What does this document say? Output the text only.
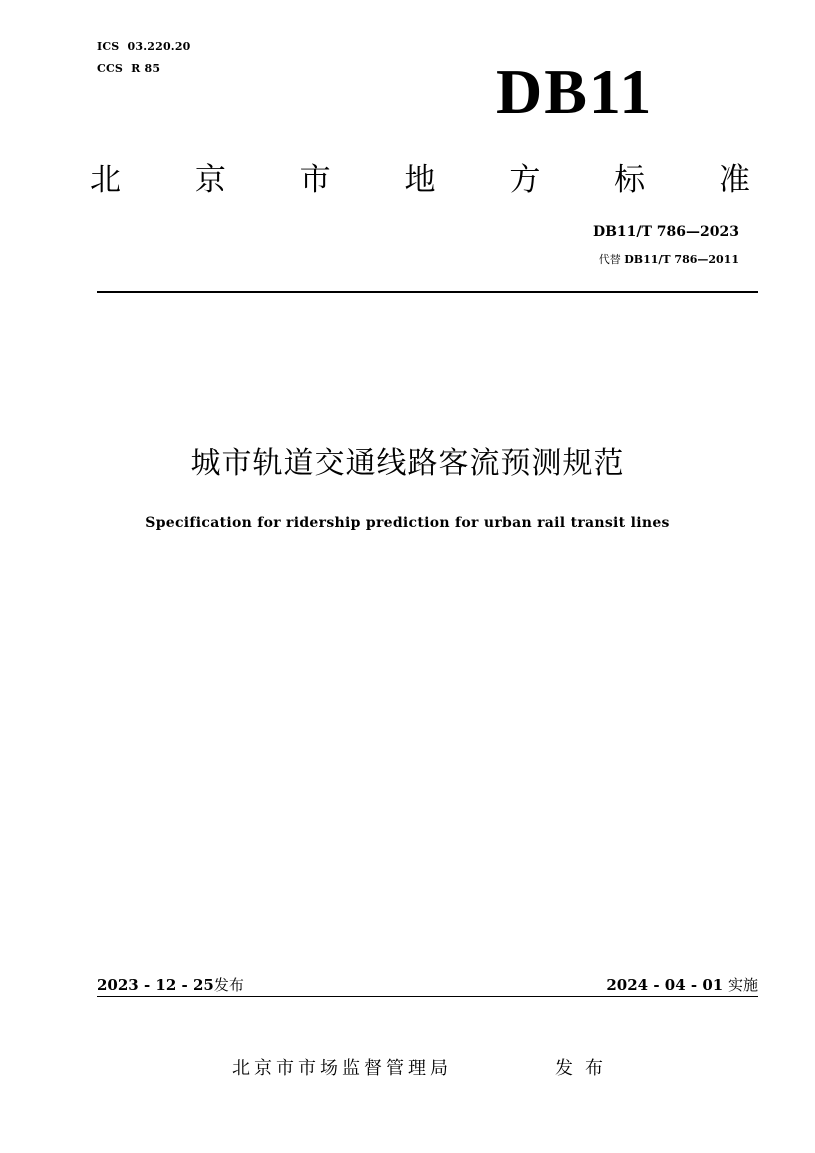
ICS  03.220.20
CCS  R 85	DB11
北 京 市 地 方 标 准
DB11/T 786—2023
代替 DB11/T 786—2011
城市轨道交通线路客流预测规范
Specification for ridership prediction for urban rail transit lines
2023 - 12 - 25发布	2024 - 04 - 01 实施
北京市市场监督管理局	发布
